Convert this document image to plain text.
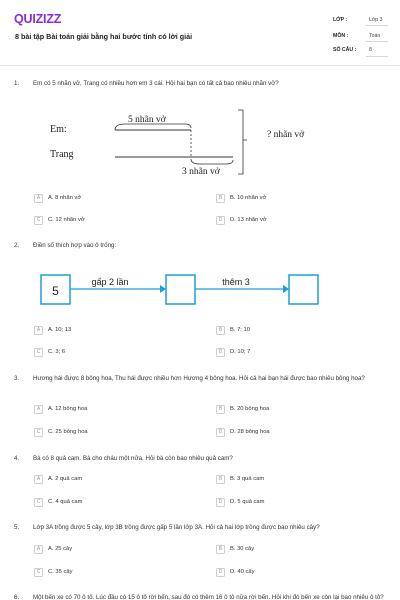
QUIZIZZ
8 bài tập Bài toán giải bằng hai bước tính có lời giải
LỚP :	Lớp 3
MÔN :	Toán
SỐ CÂU : 8
1. Em có 5 nhãn vở, Trang có nhiều hơn em 3 cái. Hỏi hai bạn có tất cả bao nhiêu nhãn vở?
Em:
Trang
5 nhãn vở
3 nhãn vở
? nhãn vở
A	A. 8 nhãn vở	B	B. 10 nhãn vở
C	C. 12 nhãn vở	D	D. 13 nhãn vở
2. Điền số thích hợp vào ô trống:
5
gấp 2 lần	thêm 3
A	A. 10; 13	B	B. 7; 10
C	C. 3; 6	D	D. 10; 7
3. Hương hái được 8 bông hoa, Thu hái được nhiều hơn Hương 4 bông hoa. Hỏi cả hai bạn hái được bao nhiêu bông hoa?
A	A. 12 bông hoa	B	B. 20 bông hoa
C	C. 25 bông hoa	D	D. 28 bông hoa
4. Bà có 8 quả cam. Bà cho cháu một nửa. Hỏi bà còn bao nhiêu quả cam?
A	A. 2 quả cam	B	B. 3 quả cam
C	C. 4 quả cam	D	D. 5 quả cam
5. Lớp 3A trồng được 5 cây, lớp 3B trồng được gấp 5 lần lớp 3A. Hỏi cả hai lớp trồng được bao nhiêu cây?
A	A. 25 cây	B	B. 30 cây
C	C. 35 cây	D	D. 40 cây
6. Một bến xe có 70 ô tô. Lúc đầu có 15 ô tô rời bến, sau đó có thêm 16 ô tô nữa rời bến. Hỏi khi đó bến xe còn lại bao nhiêu ô tô?
